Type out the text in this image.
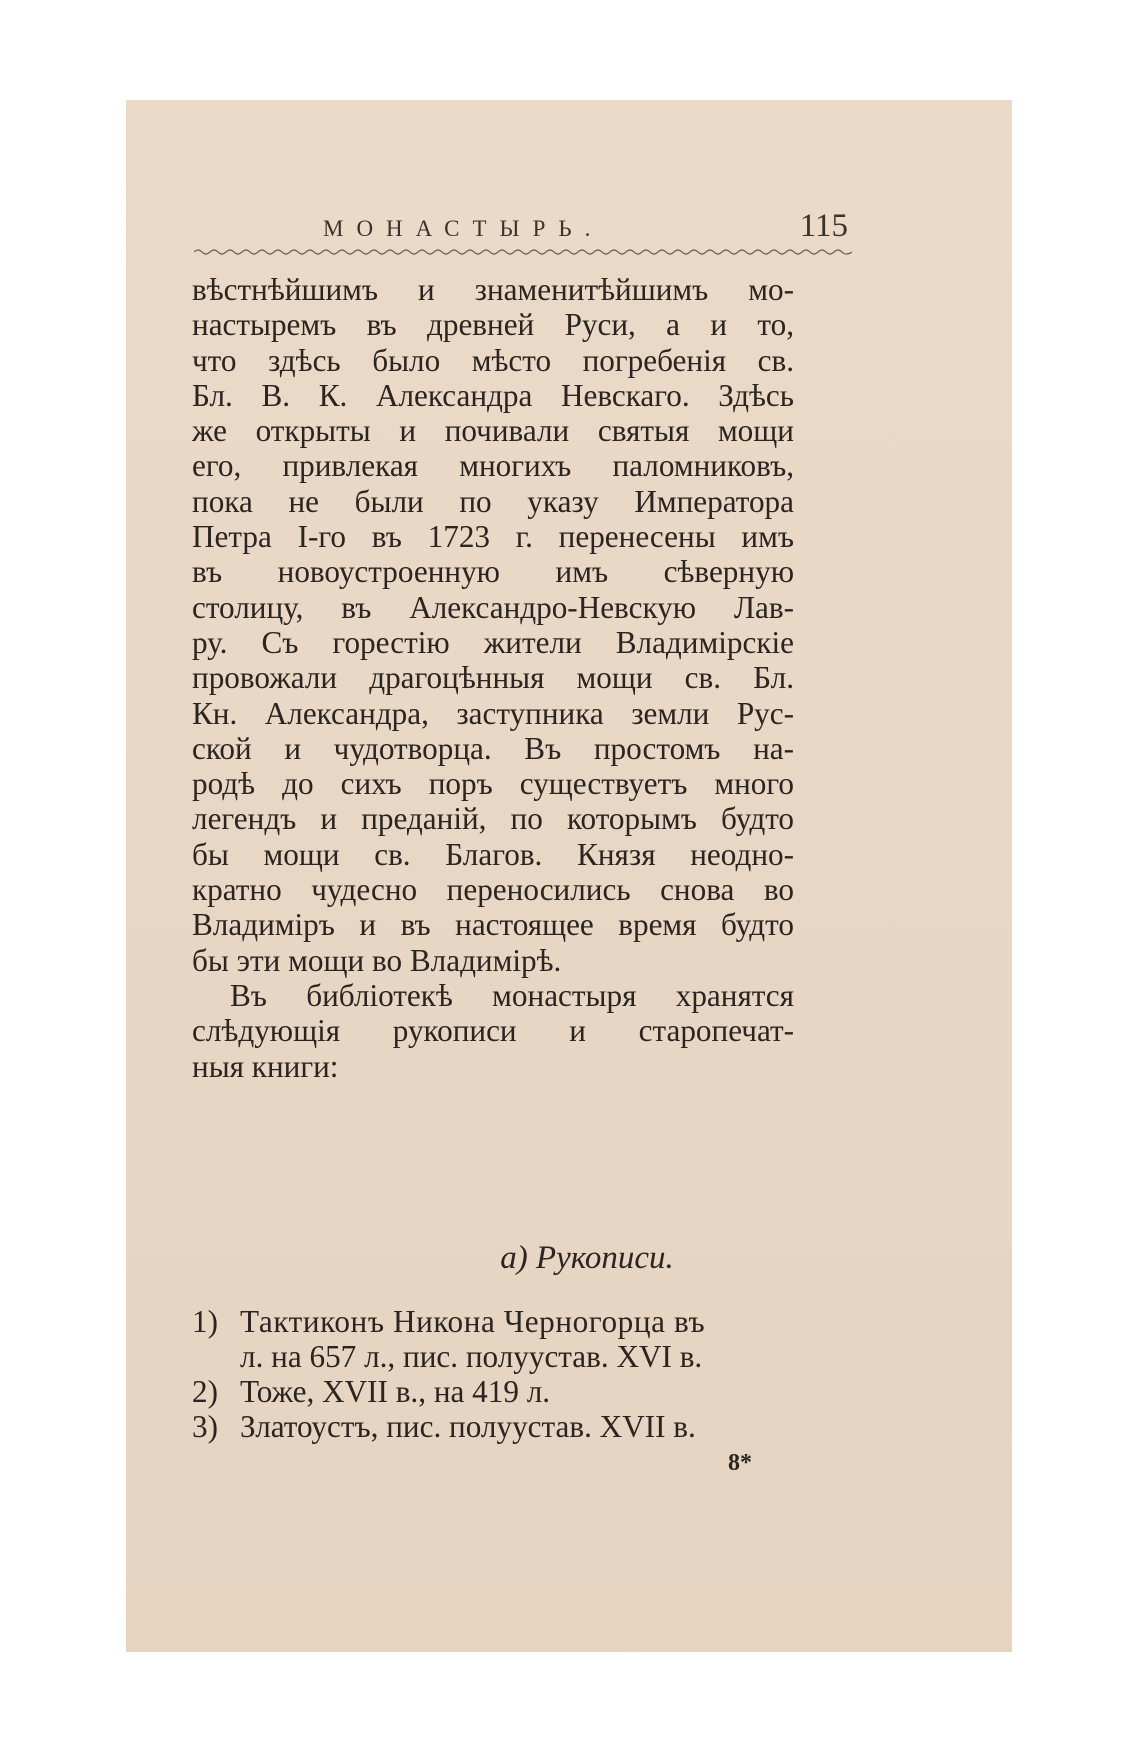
МОНАСТЫРЬ.	115
вѣстнѣйшимъ и знаменитѣйшимъ мо-
настыремъ въ древней Руси, а и то,
что здѣсь было мѣсто погребенія св.
Бл. В. К. Александра Невскаго. Здѣсь
же открыты и почивали святыя мощи
его, привлекая многихъ паломниковъ,
пока не были по указу Императора
Петра I-го въ 1723 г. перенесены имъ
въ новоустроенную имъ сѣверную
столицу, въ Александро-Невскую Лав-
ру. Съ горестію жители Владимірскіе
провожали драгоцѣнныя мощи св. Бл.
Кн. Александра, заступника земли Рус-
ской и чудотворца. Въ простомъ на-
родѣ до сихъ поръ существуетъ много
легендъ и преданій, по которымъ будто
бы мощи св. Благов. Князя неодно-
кратно чудесно переносились снова во
Владиміръ и въ настоящее время будто
бы эти мощи во Владимірѣ.
Въ библіотекѣ монастыря хранятся
слѣдующія рукописи и старопечат-
ныя книги:
а) Рукописи.
1) Тактиконъ Никона Черногорца въ
л. на 657 л., пис. полуустав. XVI в.
2) Тоже, XVII в., на 419 л.
3) Златоустъ, пис. полуустав. XVII в.
8*
